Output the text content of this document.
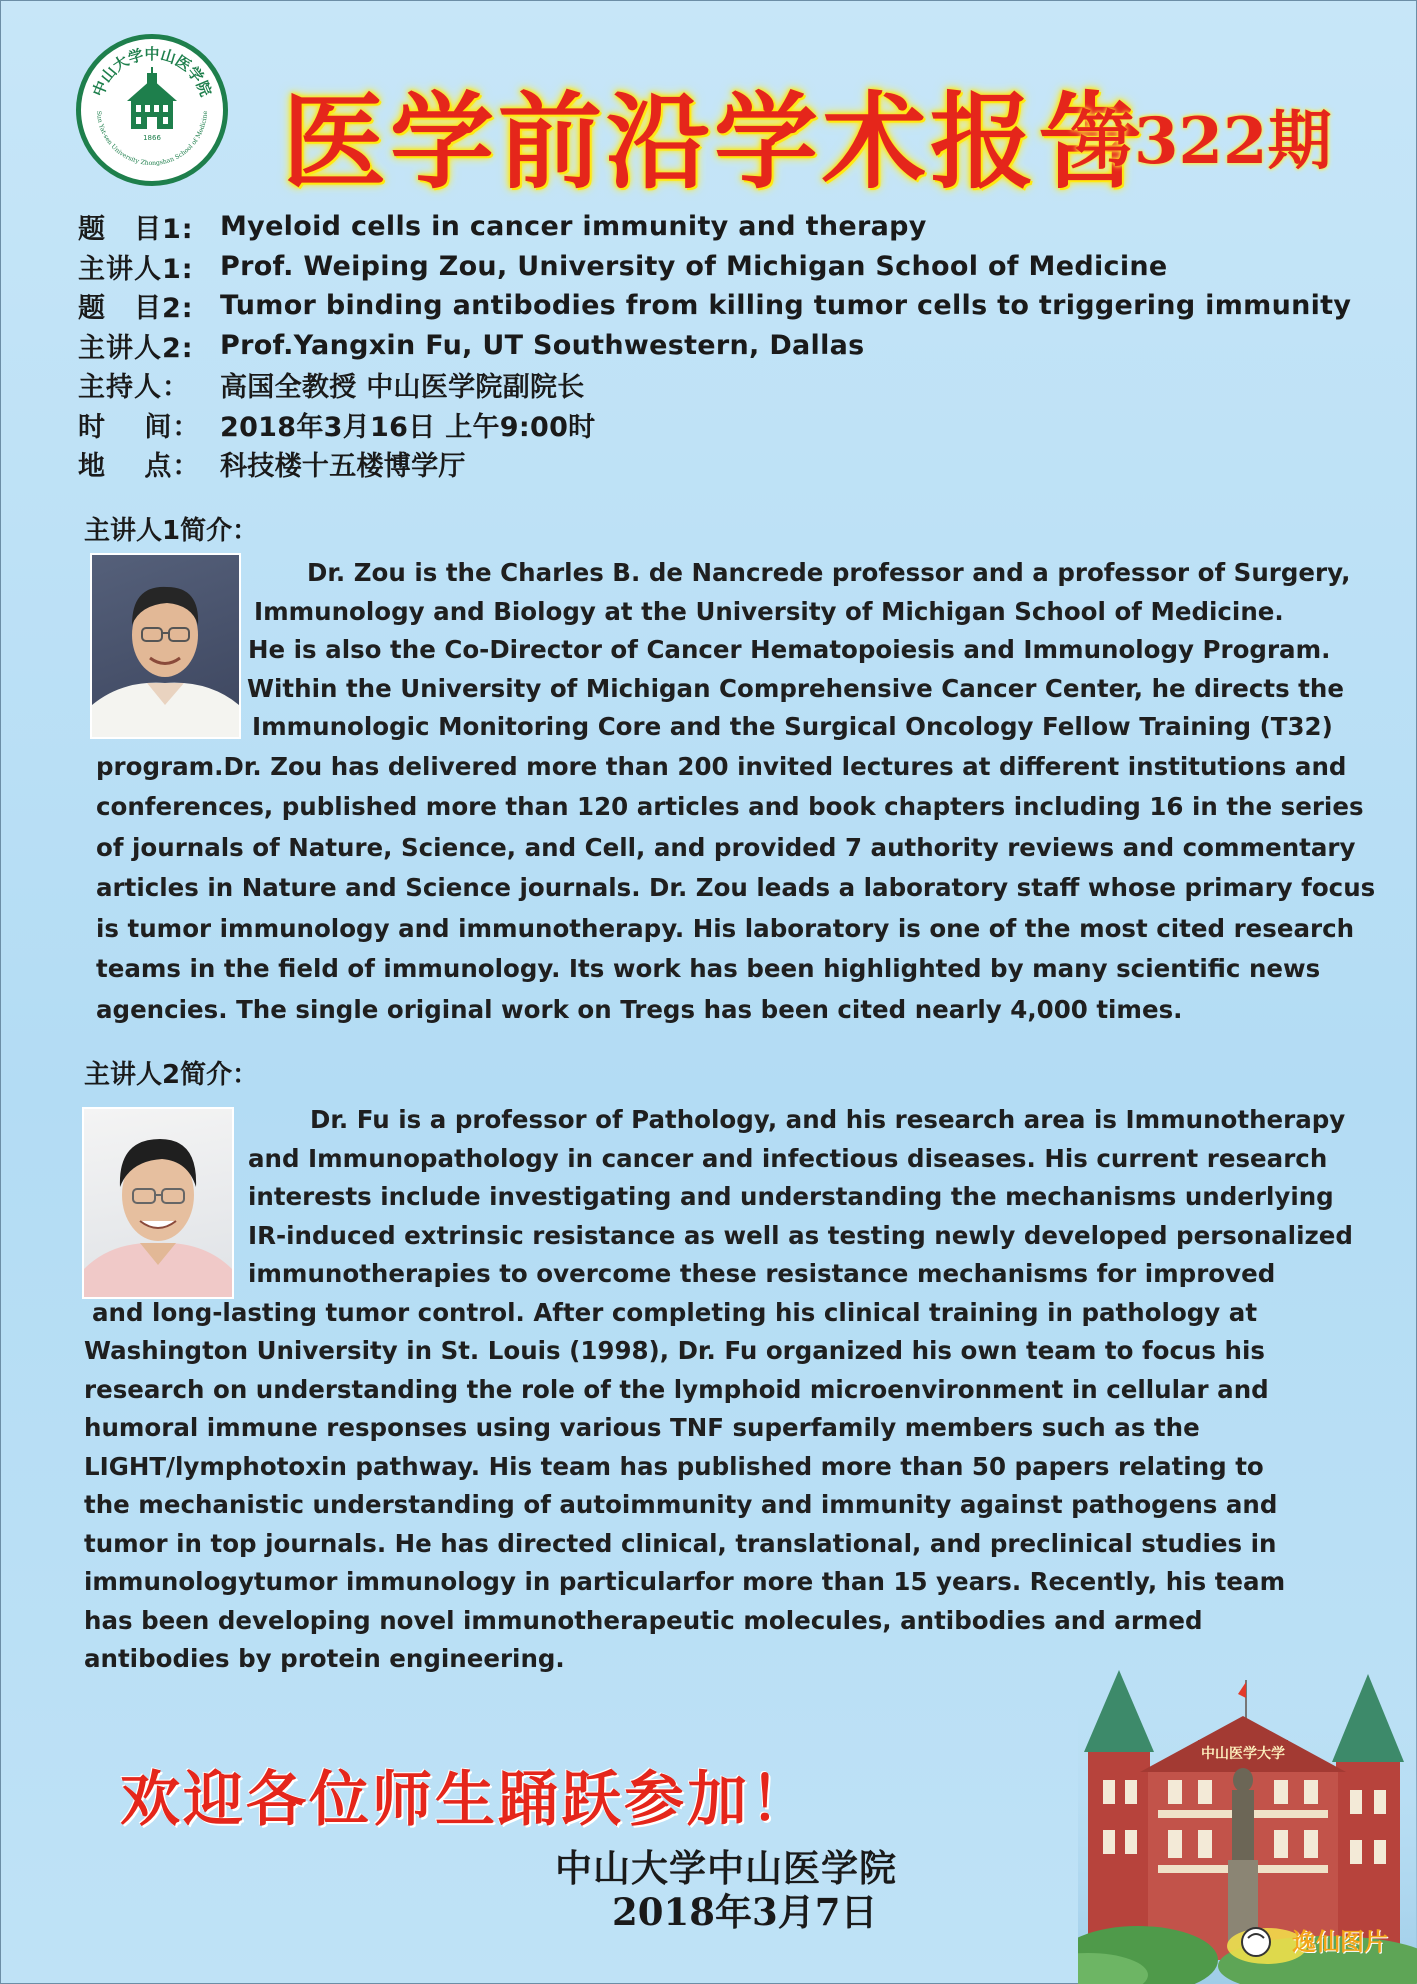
中山大学中山医学院
Sun Yat-sen University Zhongshan School of Medicine
1866 医学前沿学术报告
第322期
题　目1: Myeloid cells in cancer immunity and therapy
主讲人1: Prof. Weiping Zou, University of Michigan School of Medicine
题　目2: Tumor binding antibodies from killing tumor cells to triggering immunity
主讲人2: Prof.Yangxin Fu, UT Southwestern, Dallas
主持人：	高国全教授 中山医学院副院长
时　 间： 2018年3月16日 上午9:00时
地　 点： 科技楼十五楼博学厅
主讲人1简介：
Dr. Zou is the Charles B. de Nancrede professor and a professor of Surgery,
Immunology and Biology at the University of Michigan School of Medicine.
He is also the Co-Director of Cancer Hematopoiesis and Immunology Program.
Within the University of Michigan Comprehensive Cancer Center, he directs the
Immunologic Monitoring Core and the Surgical Oncology Fellow Training (T32)
program.Dr. Zou has delivered more than 200 invited lectures at different institutions and
conferences, published more than 120 articles and book chapters including 16 in the series
of journals of Nature, Science, and Cell, and provided 7 authority reviews and commentary
articles in Nature and Science journals. Dr. Zou leads a laboratory staff whose primary focus
is tumor immunology and immunotherapy. His laboratory is one of the most cited research
teams in the field of immunology. Its work has been highlighted by many scientific news
agencies. The single original work on Tregs has been cited nearly 4,000 times.
主讲人2简介：
Dr. Fu is a professor of Pathology, and his research area is Immunotherapy
and Immunopathology in cancer and infectious diseases. His current research
interests include investigating and understanding the mechanisms underlying
IR-induced extrinsic resistance as well as testing newly developed personalized
immunotherapies to overcome these resistance mechanisms for improved
and long-lasting tumor control. After completing his clinical training in pathology at
Washington University in St. Louis (1998), Dr. Fu organized his own team to focus his
research on understanding the role of the lymphoid microenvironment in cellular and
humoral immune responses using various TNF superfamily members such as the
LIGHT/lymphotoxin pathway. His team has published more than 50 papers relating to
the mechanistic understanding of autoimmunity and immunity against pathogens and
tumor in top journals. He has directed clinical, translational, and preclinical studies in
immunologytumor immunology in particularfor more than 15 years. Recently, his team
has been developing novel immunotherapeutic molecules, antibodies and armed
antibodies by protein engineering.
中山医学大学
欢迎各位师生踊跃参加！
中山大学中山医学院
2018年3月7日
逸仙图片
